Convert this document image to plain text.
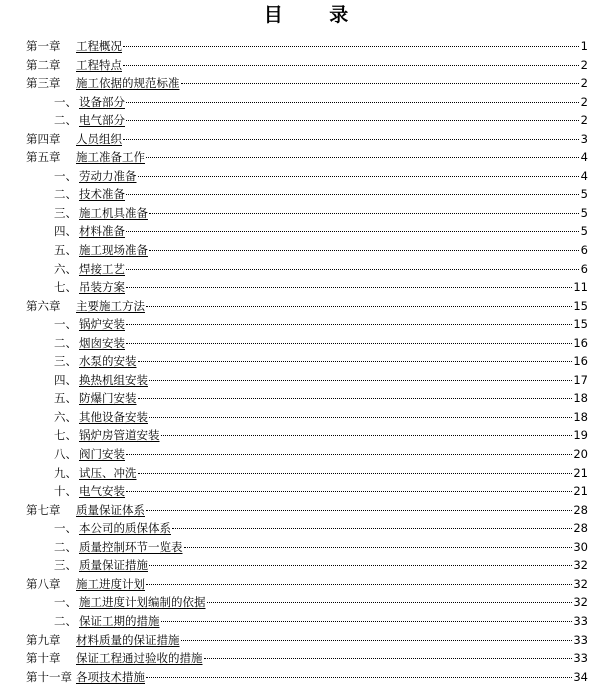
目 录
第一章 工程概况	1
第二章 工程特点	2
第三章 施工依据的规范标准	2
一、 设备部分	2
二、 电气部分	2
第四章 人员组织	3
第五章 施工准备工作	4
一、 劳动力准备	4
二、 技术准备	5
三、 施工机具准备	5
四、 材料准备	5
五、 施工现场准备	6
六、 焊接工艺	6
七、 吊装方案	11
第六章 主要施工方法	15
一、 锅炉安装	15
二、 烟囱安装	16
三、 水泵的安装	16
四、 换热机组安装	17
五、 防爆门安装	18
六、 其他设备安装	18
七、 锅炉房管道安装	19
八、 阀门安装	20
九、 试压、冲洗	21
十、 电气安装	21
第七章 质量保证体系	28
一、 本公司的质保体系	28
二、 质量控制环节一览表	30
三、 质量保证措施	32
第八章 施工进度计划	32
一、 施工进度计划编制的依据	32
二、 保证工期的措施	33
第九章 材料质量的保证措施	33
第十章 保证工程通过验收的措施	33
第十一章 各项技术措施	34
